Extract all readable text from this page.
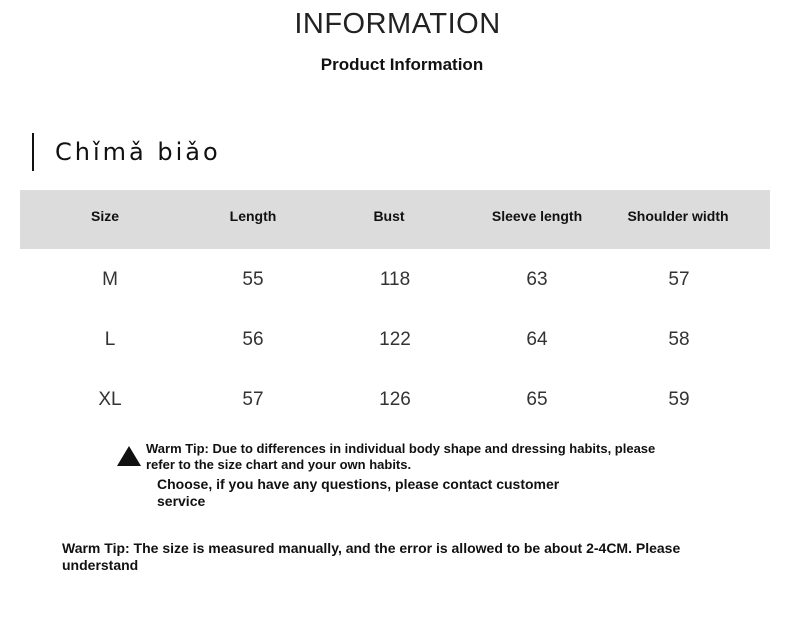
INFORMATION
Product Information
Chǐmǎ biǎo
Size	Length	Bust	Sleeve length	Shoulder width
M	55	118	63	57
L	56	122	64	58
XL	57	126	65	59
Warm Tip: Due to differences in individual body shape and dressing habits, please
refer to the size chart and your own habits.
Choose, if you have any questions, please contact customer
service
Warm Tip: The size is measured manually, and the error is allowed to be about 2-4CM. Please
understand
